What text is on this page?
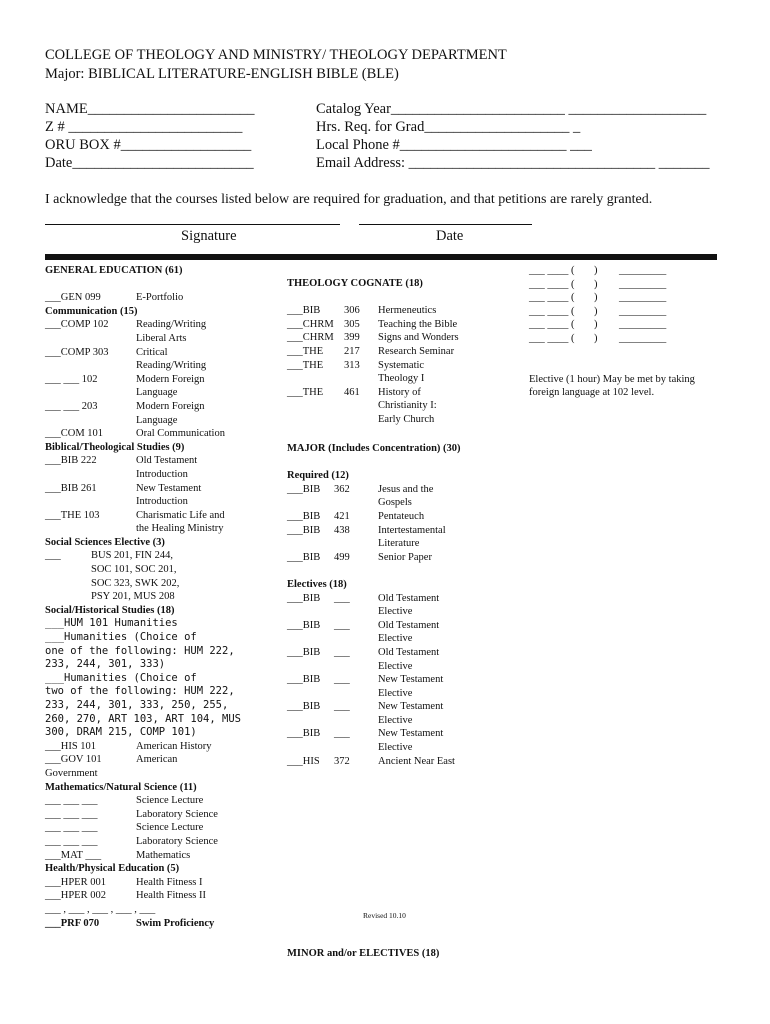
COLLEGE OF THEOLOGY AND MINISTRY/ THEOLOGY DEPARTMENT
Major: BIBLICAL LITERATURE-ENGLISH BIBLE (BLE)
NAME_______________________
Z # ________________________
ORU BOX #__________________
Date_________________________
Catalog Year________________________ ___________________
Hrs. Req. for Grad____________________ _
Local Phone #_______________________ ___
Email Address: __________________________________ _______
I acknowledge that the courses listed below are required for graduation, and that petitions are rarely granted.
Signature	Date
GENERAL EDUCATION (61)
___GEN 099	E-Portfolio
Communication (15)
___COMP 102	Reading/Writing
Liberal Arts
___COMP 303	Critical
Reading/Writing
___ ___ 102	Modern Foreign
Language
___ ___ 203	Modern Foreign
Language
___COM 101	Oral Communication
Biblical/Theological Studies (9)
___BIB 222	Old Testament
Introduction
___BIB 261	New Testament
Introduction
___THE 103	Charismatic Life and
the Healing Ministry
Social Sciences Elective (3)
___	BUS 201, FIN 244,
SOC 101, SOC 201,
SOC 323, SWK 202,
PSY 201, MUS 208
Social/Historical Studies (18)
___HUM 101 Humanities
___Humanities (Choice of
one of the following: HUM 222,
233, 244, 301, 333)
___Humanities (Choice of
two of the following: HUM 222,
233, 244, 301, 333, 250, 255,
260, 270, ART 103, ART 104, MUS
300, DRAM 215, COMP 101)
___HIS 101	American History
___GOV 101	American
Government
Mathematics/Natural Science (11)
___ ___ ___	Science Lecture
___ ___ ___	Laboratory Science
___ ___ ___	Science Lecture
___ ___ ___	Laboratory Science
___MAT ___	Mathematics
Health/Physical Education (5)
___HPER 001	Health Fitness I
___HPER 002	Health Fitness II
___ , ___ , ___ , ___ , ___
___PRF 070	Swim Proficiency
THEOLOGY COGNATE (18)
___BIB 306 Hermeneutics
___CHRM 305 Teaching the Bible
___CHRM 399 Signs and Wonders
___THE 217 Research Seminar
___THE 313 Systematic
Theology I
___THE 461 History of
Christianity I:
Early Church
MAJOR (Includes Concentration) (30)
Required (12)
___BIB 362	Jesus and the
Gospels
___BIB 421	Pentateuch
___BIB 438	Intertestamental
Literature
___BIB 499	Senior Paper
Electives (18)
___BIB ___	Old Testament
Elective
___BIB ___	Old Testament
Elective
___BIB ___	Old Testament
Elective
___BIB ___	New Testament
Elective
___BIB ___	New Testament
Elective
___BIB ___	New Testament
Elective
___HIS 372	Ancient Near East
Revised 10.10
MINOR and/or ELECTIVES (18)
___ ____ ( ) _________
___ ____ ( ) _________
___ ____ ( ) _________
___ ____ ( ) _________
___ ____ ( ) _________
___ ____ ( ) _________
Elective (1 hour) May be met by taking
foreign language at 102 level.
